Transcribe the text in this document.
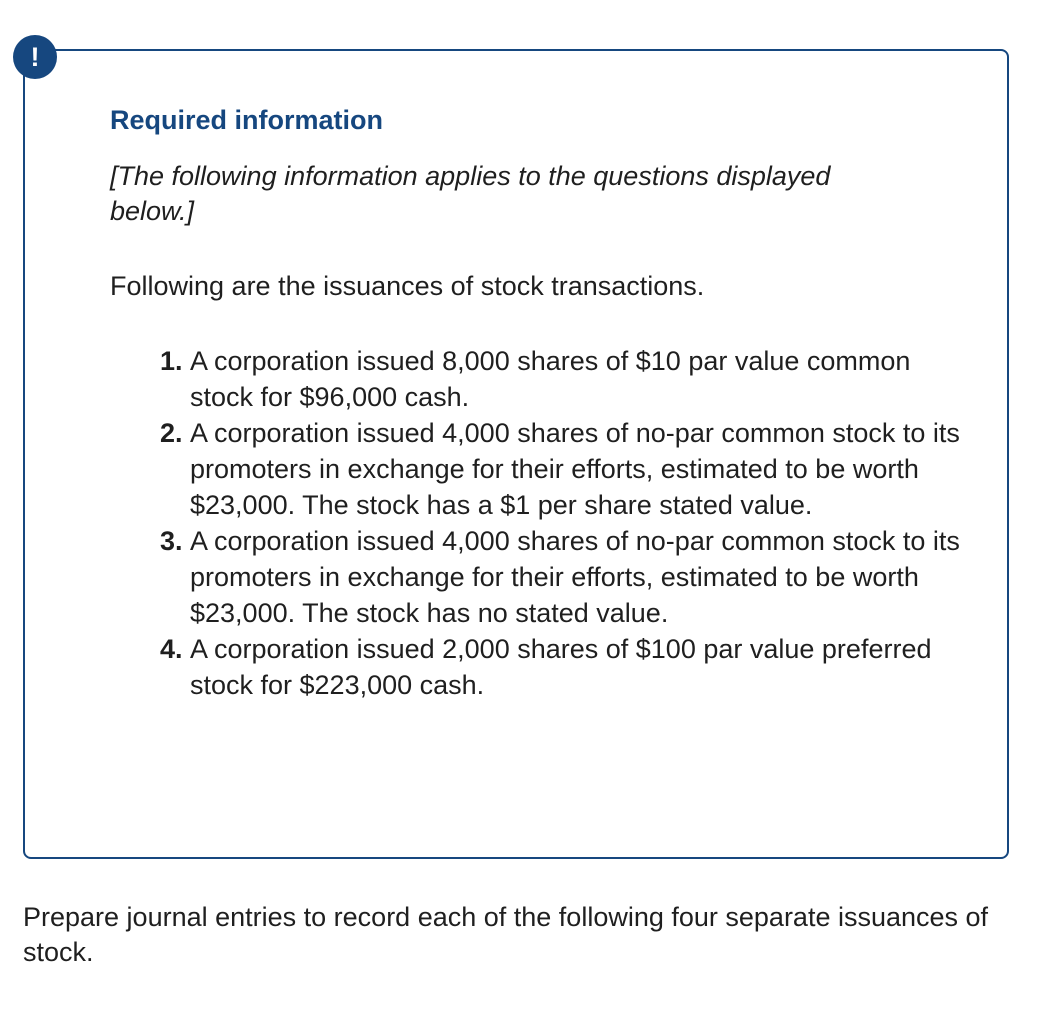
!
Required information

[The following information applies to the questions displayed below.]

Following are the issuances of stock transactions.

1. A corporation issued 8,000 shares of $10 par value common stock for $96,000 cash.
2. A corporation issued 4,000 shares of no-par common stock to its promoters in exchange for their efforts, estimated to be worth $23,000. The stock has a $1 per share stated value.
3. A corporation issued 4,000 shares of no-par common stock to its promoters in exchange for their efforts, estimated to be worth $23,000. The stock has no stated value.
4. A corporation issued 2,000 shares of $100 par value preferred stock for $223,000 cash.

Prepare journal entries to record each of the following four separate issuances of stock.
